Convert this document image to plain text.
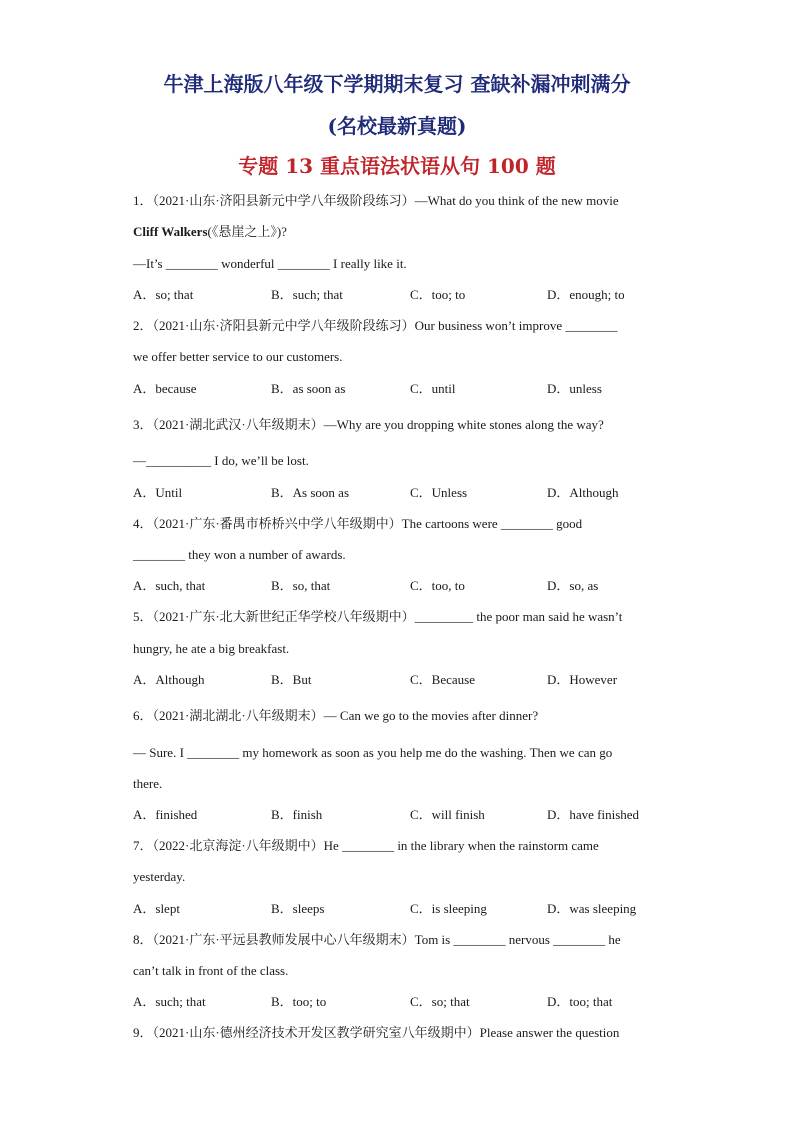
牛津上海版八年级下学期期末复习 查缺补漏冲刺满分
(名校最新真题)
专题 13 重点语法状语从句 100 题
1．（2021·山东·济阳县新元中学八年级阶段练习）—What do you think of the new movie
Cliff Walkers(《悬崖之上》)?
—It’s ________ wonderful ________ I really like it.
A．so; that	B．such; that	C．too; to	D．enough; to
2．（2021·山东·济阳县新元中学八年级阶段练习）Our business won’t improve ________
we offer better service to our customers.
A．because	B．as soon as	C．until	D．unless
3．（2021·湖北武汉·八年级期末）—Why are you dropping white stones along the way?
—__________ I do, we’ll be lost.
A．Until	B．As soon as	C．Unless	D．Although
4．（2021·广东·番禺市桥桥兴中学八年级期中）The cartoons were ________ good
________ they won a number of awards.
A．such, that	B．so, that	C．too, to	D．so, as
5．（2021·广东·北大新世纪正华学校八年级期中）_________ the poor man said he wasn’t
hungry, he ate a big breakfast.
A．Although	B．But	C．Because	D．However
6．（2021·湖北湖北·八年级期末）— Can we go to the movies after dinner?
— Sure. I ________ my homework as soon as you help me do the washing. Then we can go
there.
A．finished	B．finish	C．will finish	D．have finished
7．（2022·北京海淀·八年级期中）He ________ in the library when the rainstorm came
yesterday.
A．slept	B．sleeps	C．is sleeping	D．was sleeping
8．（2021·广东·平远县教师发展中心八年级期末）Tom is ________ nervous ________ he
can’t talk in front of the class.
A．such; that	B．too; to	C．so; that	D．too; that
9．（2021·山东·德州经济技术开发区教学研究室八年级期中）Please answer the question
